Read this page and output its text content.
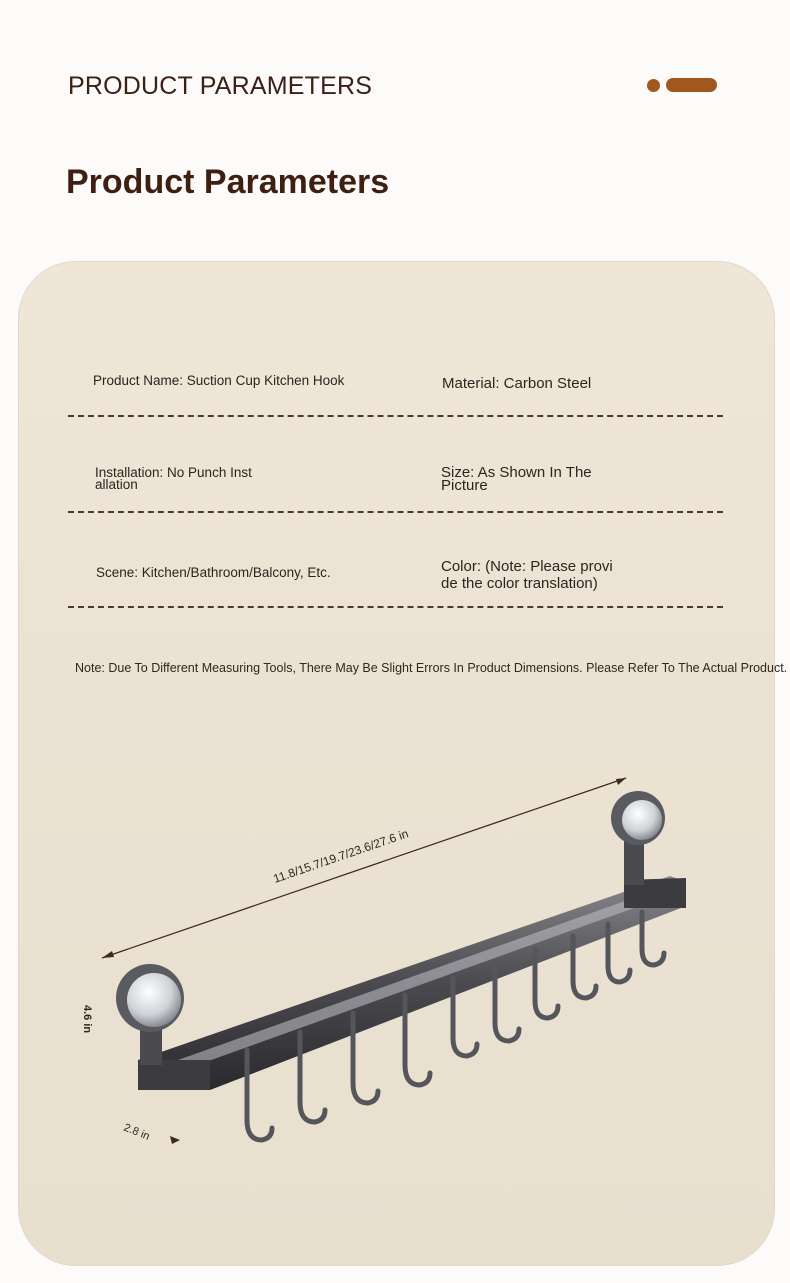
PRODUCT PARAMETERS
Product Parameters
Product Name: Suction Cup Kitchen Hook	Material: Carbon Steel
Installation: No Punch Inst
allation
Size: As Shown In The
Picture
Scene: Kitchen/Bathroom/Balcony, Etc.	Color: (Note: Please provi
de the color translation)
Note: Due To Different Measuring Tools, There May Be Slight Errors In Product Dimensions. Please Refer To The Actual Product.
11.8/15.7/19.7/23.6/27.6 in
4.6 in
2.8 in
